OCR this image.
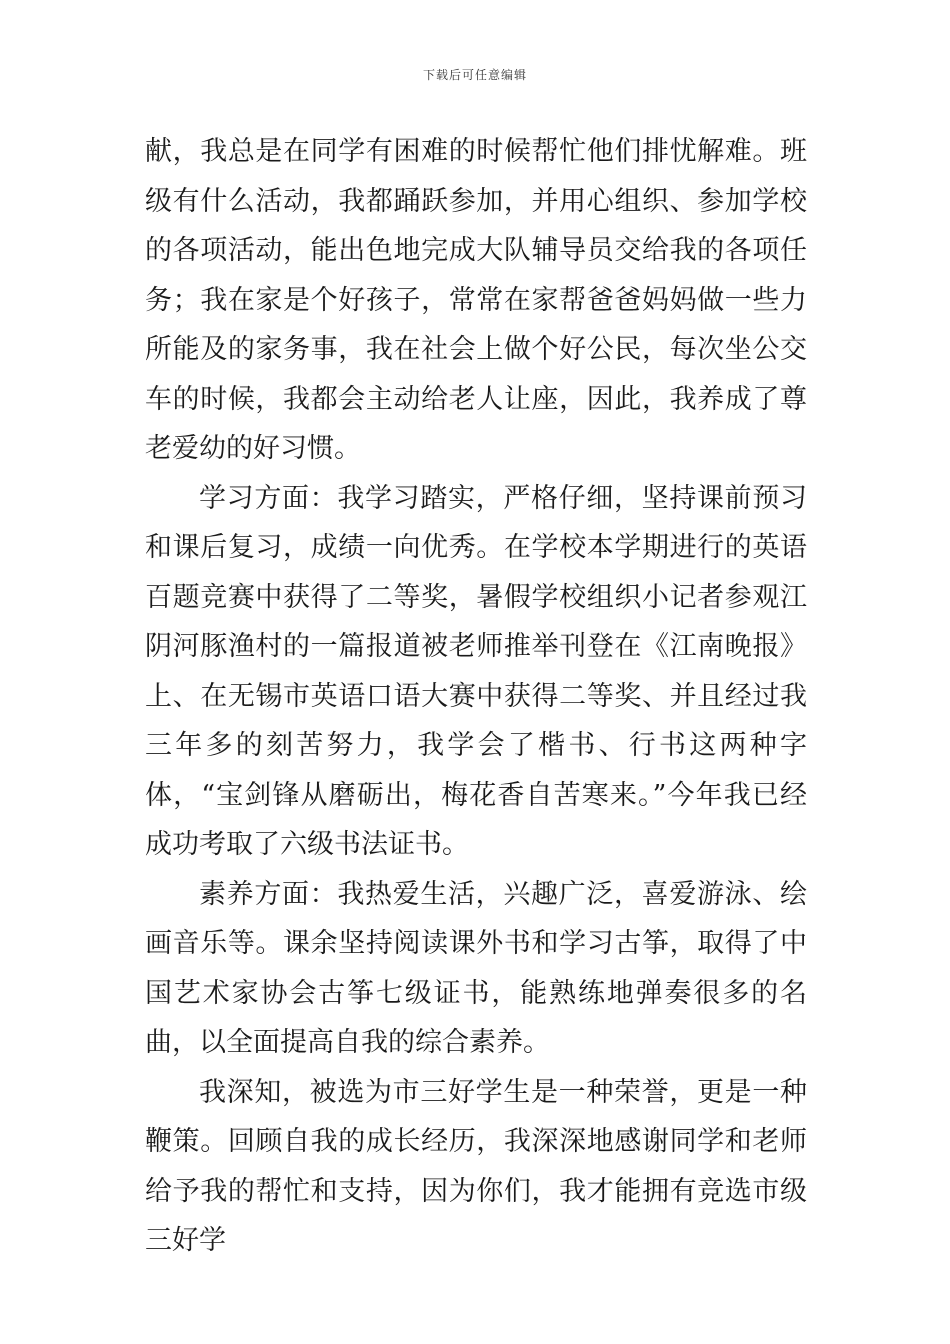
下载后可任意编辑

献，我总是在同学有困难的时候帮忙他们排忧解难。班级有什么活动，我都踊跃参加，并用心组织、参加学校的各项活动，能出色地完成大队辅导员交给我的各项任务；我在家是个好孩子，常常在家帮爸爸妈妈做一些力所能及的家务事，我在社会上做个好公民，每次坐公交车的时候，我都会主动给老人让座，因此，我养成了尊老爱幼的好习惯。

学习方面：我学习踏实，严格仔细，坚持课前预习和课后复习，成绩一向优秀。在学校本学期进行的英语百题竞赛中获得了二等奖，暑假学校组织小记者参观江阴河豚渔村的一篇报道被老师推举刊登在《江南晚报》上、在无锡市英语口语大赛中获得二等奖、并且经过我三年多的刻苦努力，我学会了楷书、行书这两种字体，“宝剑锋从磨砺出，梅花香自苦寒来。”今年我已经成功考取了六级书法证书。

素养方面：我热爱生活，兴趣广泛，喜爱游泳、绘画音乐等。课余坚持阅读课外书和学习古筝，取得了中国艺术家协会古筝七级证书，能熟练地弹奏很多的名曲，以全面提高自我的综合素养。

我深知，被选为市三好学生是一种荣誉，更是一种鞭策。回顾自我的成长经历，我深深地感谢同学和老师给予我的帮忙和支持，因为你们，我才能拥有竞选市级三好学
